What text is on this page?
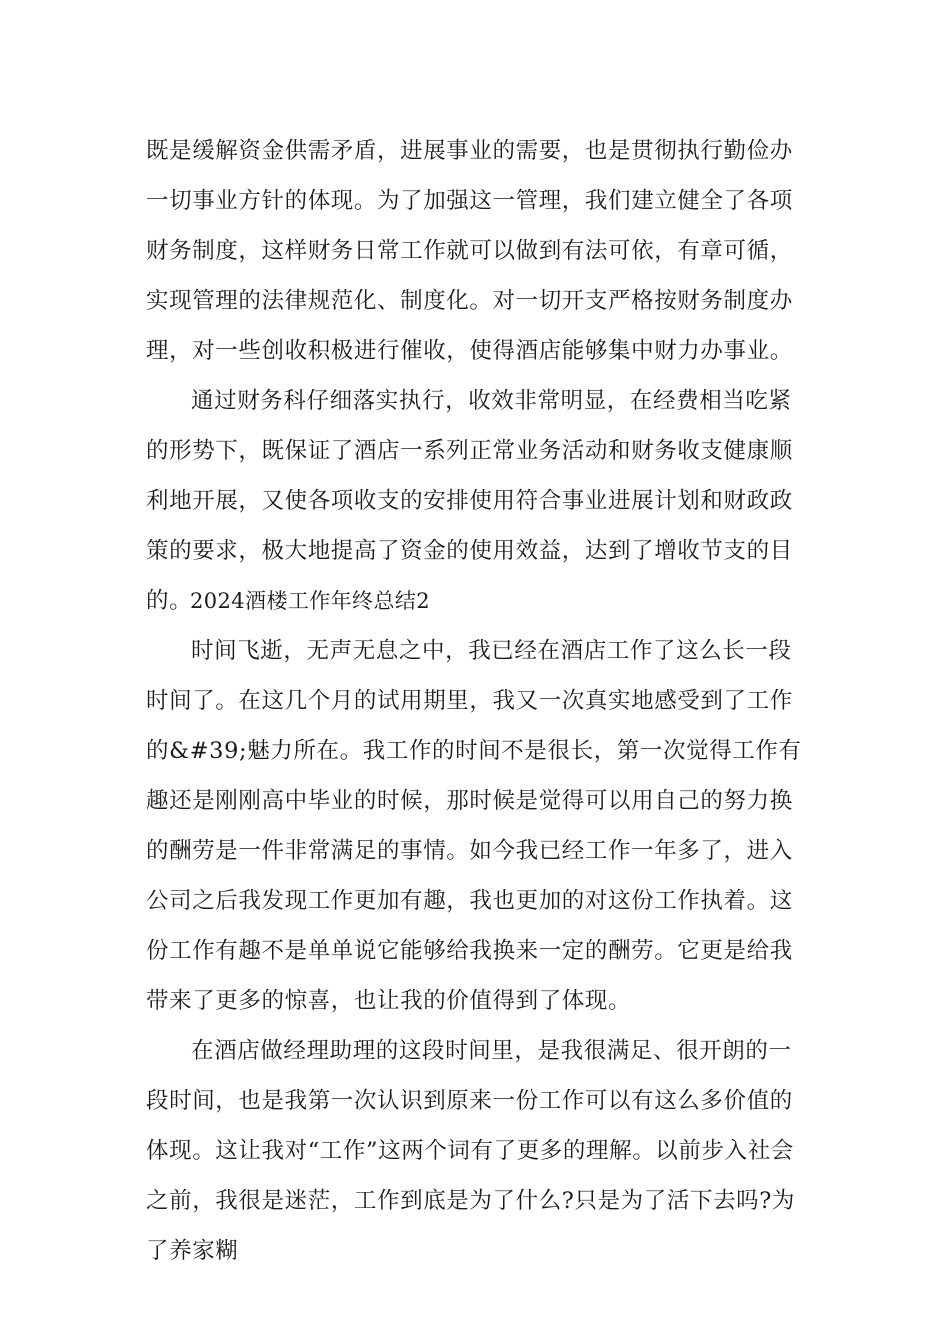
既是缓解资金供需矛盾，进展事业的需要，也是贯彻执行勤俭办一切事业方针的体现。为了加强这一管理，我们建立健全了各项财务制度，这样财务日常工作就可以做到有法可依，有章可循，实现管理的法律规范化、制度化。对一切开支严格按财务制度办理，对一些创收积极进行催收，使得酒店能够集中财力办事业。

通过财务科仔细落实执行，收效非常明显，在经费相当吃紧的形势下，既保证了酒店一系列正常业务活动和财务收支健康顺利地开展，又使各项收支的安排使用符合事业进展计划和财政政策的要求，极大地提高了资金的使用效益，达到了增收节支的目的。

2024酒楼工作年终总结2

时间飞逝，无声无息之中，我已经在酒店工作了这么长一段时间了。在这几个月的试用期里，我又一次真实地感受到了工作的&#39;魅力所在。我工作的时间不是很长，第一次觉得工作有趣还是刚刚高中毕业的时候，那时候是觉得可以用自己的努力换的酬劳是一件非常满足的事情。如今我已经工作一年多了，进入公司之后我发现工作更加有趣，我也更加的对这份工作执着。这份工作有趣不是单单说它能够给我换来一定的酬劳。它更是给我带来了更多的惊喜，也让我的价值得到了体现。

在酒店做经理助理的这段时间里，是我很满足、很开朗的一段时间，也是我第一次认识到原来一份工作可以有这么多价值的体现。这让我对“工作”这两个词有了更多的理解。以前步入社会之前，我很是迷茫，工作到底是为了什么?只是为了活下去吗?为了养家糊
